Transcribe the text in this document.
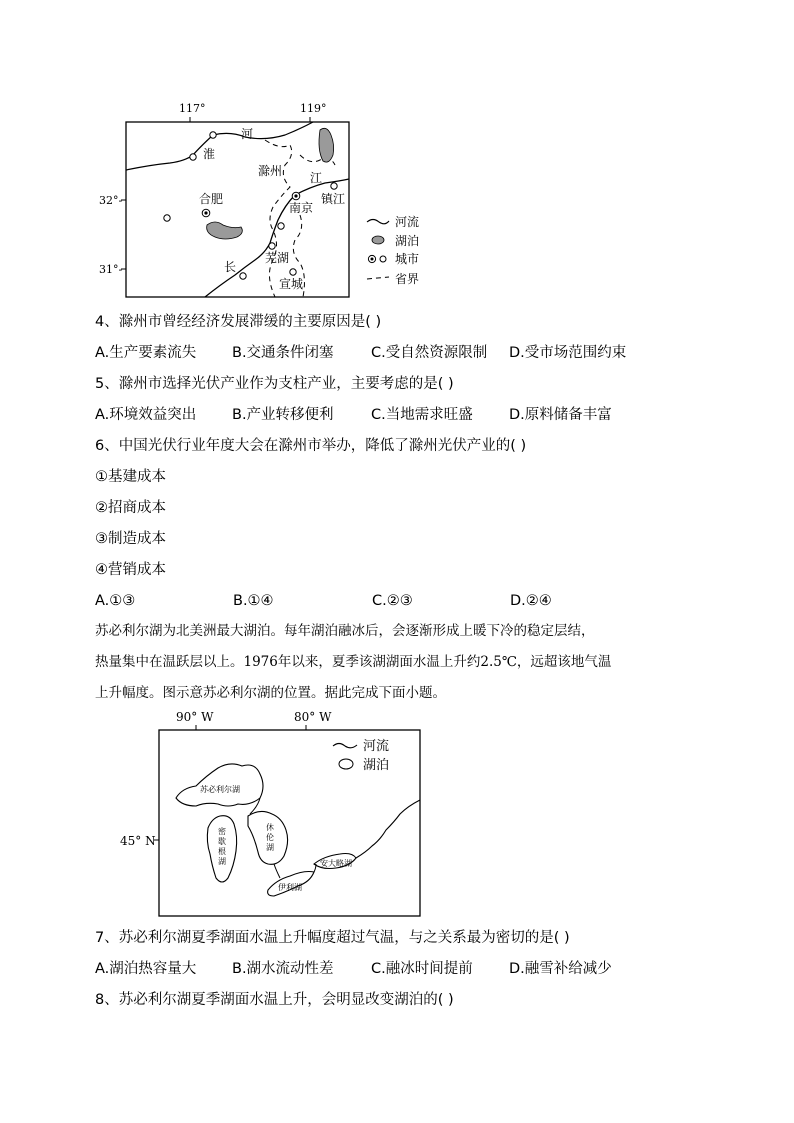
117°	119°
32°-
31°-
河
淮
滁州 江
合肥
南京
镇江
长
芜湖
宣城
河流
湖泊
城市
省界
4、滁州市曾经经济发展滞缓的主要原因是( )
A.生产要素流失 B.交通条件闭塞	C.受自然资源限制 D.受市场范围约束
5、滁州市选择光伏产业作为支柱产业，主要考虑的是( )
A.环境效益突出 B.产业转移便利	C.当地需求旺盛	D.原料储备丰富
6、中国光伏行业年度大会在滁州市举办，降低了滁州光伏产业的( )
①基建成本
②招商成本
③制造成本
④营销成本
A.①③	B.①④	C.②③	D.②④
苏必利尔湖为北美洲最大湖泊。每年湖泊融冰后，会逐渐形成上暖下冷的稳定层结，
热量集中在温跃层以上。1976年以来，夏季该湖湖面水温上升约2.5℃，远超该地气温
上升幅度。图示意苏必利尔湖的位置。据此完成下面小题。
90° W	80° W
45° N
河流
湖泊
苏必利尔湖
密
歇
根
湖
休
伦
湖
伊利湖
安大略湖
7、苏必利尔湖夏季湖面水温上升幅度超过气温，与之关系最为密切的是( )
A.湖泊热容量大 B.湖水流动性差	C.融冰时间提前	D.融雪补给减少
8、苏必利尔湖夏季湖面水温上升，会明显改变湖泊的( )
